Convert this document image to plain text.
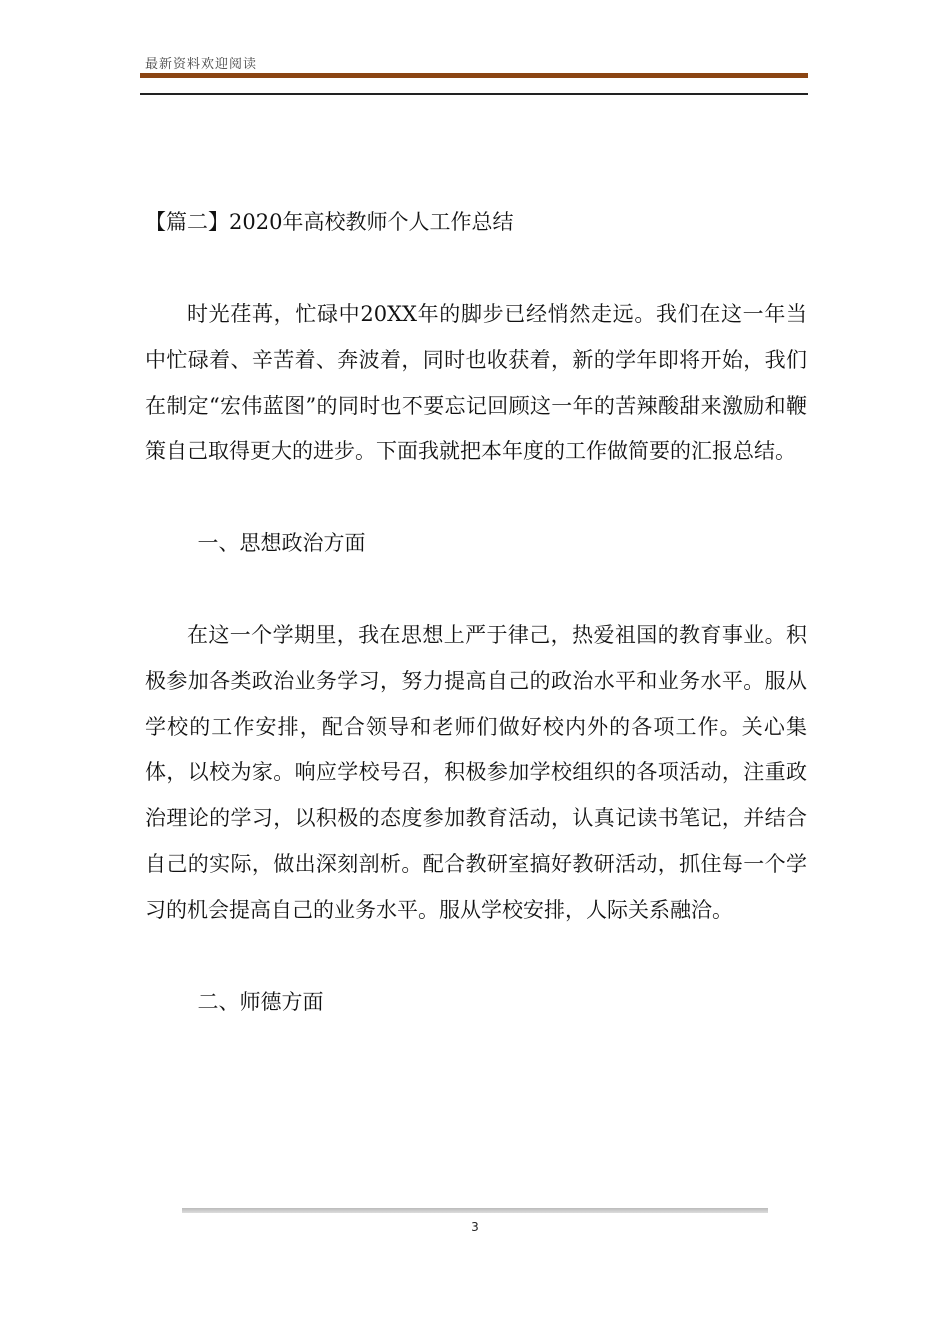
最新资料欢迎阅读
【篇二】2020年高校教师个人工作总结

时光荏苒，忙碌中20XX年的脚步已经悄然走远。我们在这一年当中忙碌着、辛苦着、奔波着，同时也收获着，新的学年即将开始，我们在制定“宏伟蓝图”的同时也不要忘记回顾这一年的苦辣酸甜来激励和鞭策自己取得更大的进步。下面我就把本年度的工作做简要的汇报总结。

一、思想政治方面

在这一个学期里，我在思想上严于律己，热爱祖国的教育事业。积极参加各类政治业务学习，努力提高自己的政治水平和业务水平。服从学校的工作安排，配合领导和老师们做好校内外的各项工作。关心集体，以校为家。响应学校号召，积极参加学校组织的各项活动，注重政治理论的学习，以积极的态度参加教育活动，认真记读书笔记，并结合自己的实际，做出深刻剖析。配合教研室搞好教研活动，抓住每一个学习的机会提高自己的业务水平。服从学校安排，人际关系融洽。

二、师德方面

3
